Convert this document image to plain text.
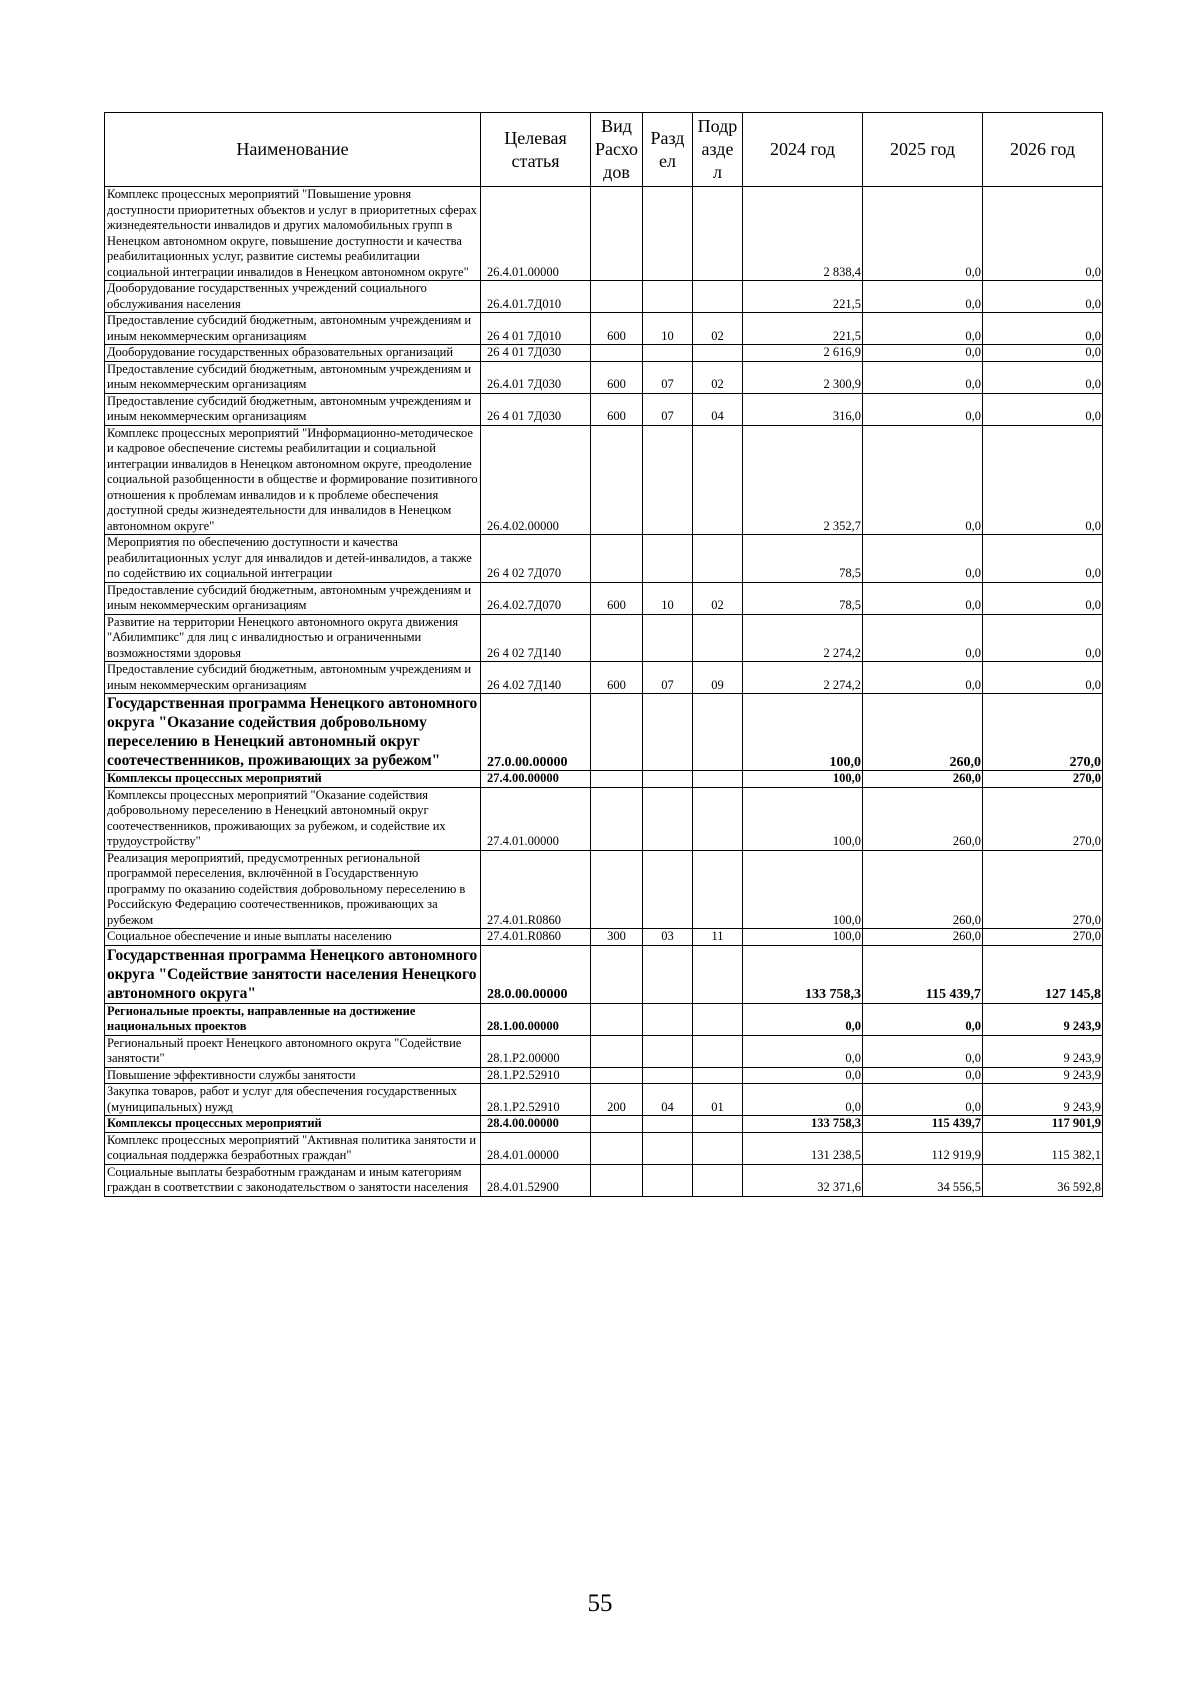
Наименование	Целевая статья	Вид Расхо дов	Разд ел	Подр азде л	2024 год	2025 год	2026 год
Комплекс процессных мероприятий "Повышение уровня доступности приоритетных объектов и услуг в приоритетных сферах жизнедеятельности инвалидов и других маломобильных групп в Ненецком автономном округе, повышение доступности и качества реабилитационных услуг, развитие системы реабилитации социальной интеграции инвалидов в Ненецком автономном округе"	26.4.01.00000				2 838,4	0,0	0,0
Дооборудование государственных учреждений социального обслуживания населения	26.4.01.7Д010				221,5	0,0	0,0
Предоставление субсидий бюджетным, автономным учреждениям и иным некоммерческим организациям	26 4 01 7Д010	600	10	02	221,5	0,0	0,0
Дооборудование государственных образовательных организаций	26 4 01 7Д030				2 616,9	0,0	0,0
Предоставление субсидий бюджетным, автономным учреждениям и иным некоммерческим организациям	26.4.01 7Д030	600	07	02	2 300,9	0,0	0,0
Предоставление субсидий бюджетным, автономным учреждениям и иным некоммерческим организациям	26 4 01 7Д030	600	07	04	316,0	0,0	0,0
Комплекс процессных мероприятий "Информационно-методическое и кадровое обеспечение системы реабилитации и социальной интеграции инвалидов в Ненецком автономном округе, преодоление социальной разобщенности в обществе и формирование позитивного отношения к проблемам инвалидов и к проблеме обеспечения доступной среды жизнедеятельности для инвалидов в Ненецком автономном округе"	26.4.02.00000				2 352,7	0,0	0,0
Мероприятия по обеспечению доступности и качества реабилитационных услуг для инвалидов и детей-инвалидов, а также по содействию их социальной интеграции	26 4 02 7Д070				78,5	0,0	0,0
Предоставление субсидий бюджетным, автономным учреждениям и иным некоммерческим организациям	26.4.02.7Д070	600	10	02	78,5	0,0	0,0
Развитие на территории Ненецкого автономного округа движения "Абилимпикс" для лиц с инвалидностью и ограниченными возможностями здоровья	26 4 02 7Д140				2 274,2	0,0	0,0
Предоставление субсидий бюджетным, автономным учреждениям и иным некоммерческим организациям	26 4.02 7Д140	600	07	09	2 274,2	0,0	0,0
Государственная программа Ненецкого автономного округа "Оказание содействия добровольному переселению в Ненецкий автономный округ соотечественников, проживающих за рубежом"	27.0.00.00000				100,0	260,0	270,0
Комплексы процессных мероприятий	27.4.00.00000				100,0	260,0	270,0
Комплексы процессных мероприятий "Оказание содействия добровольному переселению в Ненецкий автономный округ соотечественников, проживающих за рубежом, и содействие их трудоустройству"	27.4.01.00000				100,0	260,0	270,0
Реализация мероприятий, предусмотренных региональной программой переселения, включённой в Государственную программу по оказанию содействия добровольному переселению в Российскую Федерацию соотечественников, проживающих за рубежом	27.4.01.R0860				100,0	260,0	270,0
Социальное обеспечение и иные выплаты населению	27.4.01.R0860	300	03	11	100,0	260,0	270,0
Государственная программа Ненецкого автономного округа "Содействие занятости населения Ненецкого автономного округа"	28.0.00.00000				133 758,3	115 439,7	127 145,8
Региональные проекты, направленные на достижение национальных проектов	28.1.00.00000				0,0	0,0	9 243,9
Региональный проект Ненецкого автономного округа "Содействие занятости"	28.1.P2.00000				0,0	0,0	9 243,9
Повышение эффективности службы занятости	28.1.P2.52910				0,0	0,0	9 243,9
Закупка товаров, работ и услуг для обеспечения государственных (муниципальных) нужд	28.1.P2.52910	200	04	01	0,0	0,0	9 243,9
Комплексы процессных мероприятий	28.4.00.00000				133 758,3	115 439,7	117 901,9
Комплекс процессных мероприятий "Активная политика занятости и социальная поддержка безработных граждан"	28.4.01.00000				131 238,5	112 919,9	115 382,1
Социальные выплаты безработным гражданам и иным категориям граждан в соответствии с законодательством о занятости населения	28.4.01.52900				32 371,6	34 556,5	36 592,8
55
